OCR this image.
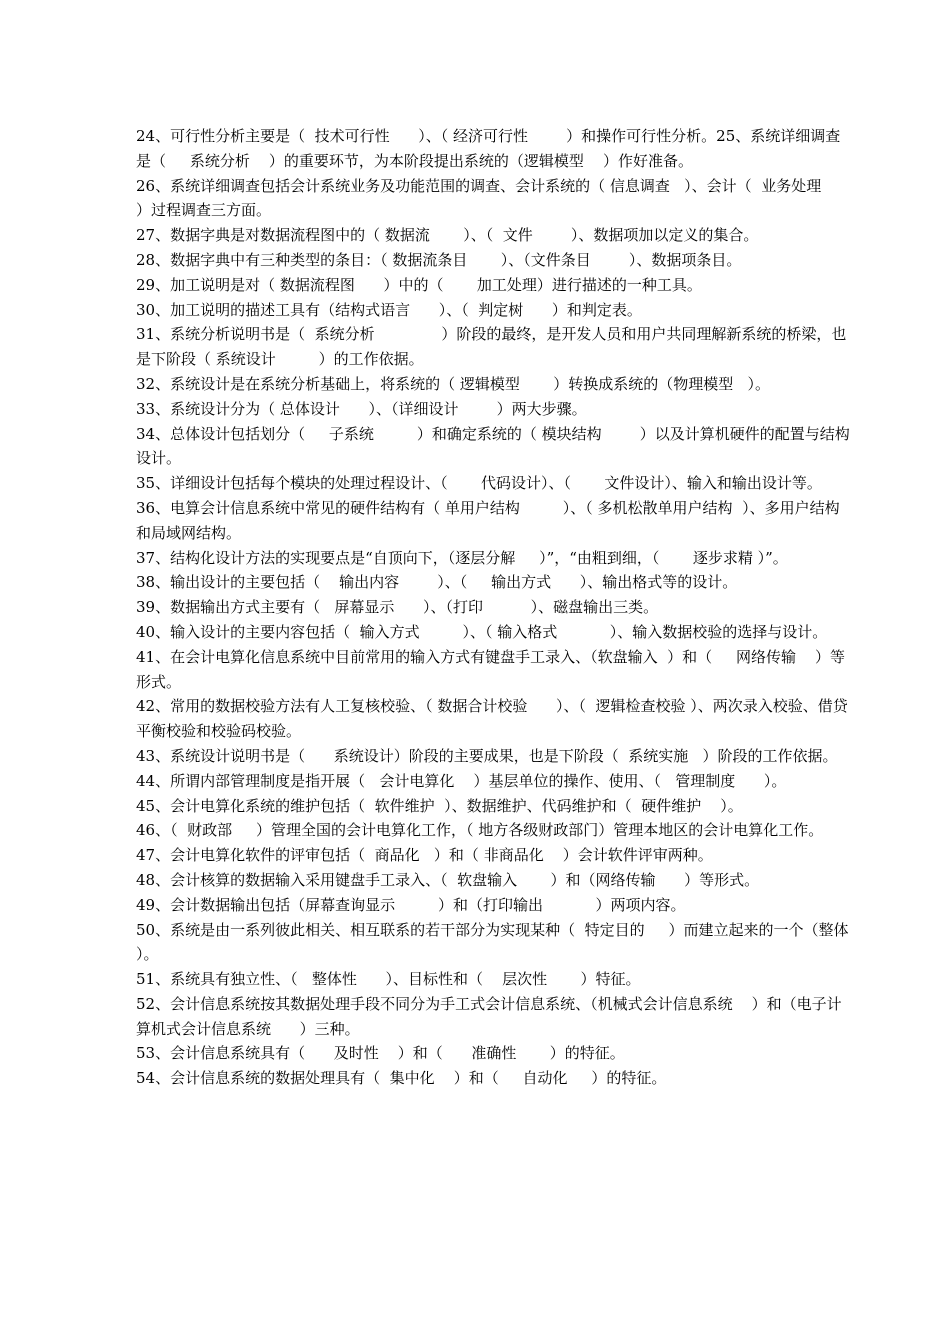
24、可行性分析主要是（  技术可行性      ）、（ 经济可行性        ）和操作可行性分析。25、系统详细调查是（     系统分析    ）的重要环节，为本阶段提出系统的（逻辑模型    ）作好准备。

26、系统详细调查包括会计系统业务及功能范围的调查、会计系统的（ 信息调查   ）、会计（  业务处理        ）过程调查三方面。

27、数据字典是对数据流程图中的（ 数据流       ）、（  文件        ）、数据项加以定义的集合。

28、数据字典中有三种类型的条目：（ 数据流条目       ）、（文件条目        ）、数据项条目。

29、加工说明是对（ 数据流程图      ）中的（       加工处理）进行描述的一种工具。

30、加工说明的描述工具有（结构式语言      ）、（  判定树      ）和判定表。

31、系统分析说明书是（  系统分析              ）阶段的最终，是开发人员和用户共同理解新系统的桥梁，也是下阶段（ 系统设计         ）的工作依据。

32、系统设计是在系统分析基础上，将系统的（ 逻辑模型       ）转换成系统的（物理模型   ）。

33、系统设计分为（ 总体设计      ）、（详细设计        ）两大步骤。

34、总体设计包括划分（     子系统         ）和确定系统的（ 模块结构        ）以及计算机硬件的配置与结构设计。

35、详细设计包括每个模块的处理过程设计、（       代码设计）、（       文件设计）、输入和输出设计等。

36、电算会计信息系统中常见的硬件结构有（ 单用户结构         ）、（ 多机松散单用户结构  ）、多用户结构和局域网结构。

37、结构化设计方法的实现要点是“自顶向下，（逐层分解     ）”，“由粗到细，（       逐步求精 ）”。

38、输出设计的主要包括（    输出内容        ）、（     输出方式      ）、输出格式等的设计。

39、数据输出方式主要有（   屏幕显示      ）、（打印          ）、磁盘输出三类。

40、输入设计的主要内容包括（  输入方式         ）、（ 输入格式           ）、输入数据校验的选择与设计。

41、在会计电算化信息系统中目前常用的输入方式有键盘手工录入、（软盘输入  ）和（     网络传输    ）等形式。

42、常用的数据校验方法有人工复核校验、（ 数据合计校验      ）、（  逻辑检查校验 ）、两次录入校验、借贷平衡校验和校验码校验。

43、系统设计说明书是（      系统设计）阶段的主要成果，也是下阶段（  系统实施   ）阶段的工作依据。

44、所谓内部管理制度是指开展（   会计电算化    ）基层单位的操作、使用、（   管理制度      ）。

45、会计电算化系统的维护包括（  软件维护  ）、数据维护、代码维护和（  硬件维护    ）。

46、（  财政部     ）管理全国的会计电算化工作，（ 地方各级财政部门）管理本地区的会计电算化工作。

47、会计电算化软件的评审包括（  商品化   ）和（ 非商品化    ）会计软件评审两种。

48、会计核算的数据输入采用键盘手工录入、（  软盘输入       ）和（网络传输      ）等形式。

49、会计数据输出包括（屏幕查询显示         ）和（打印输出           ）两项内容。

50、系统是由一系列彼此相关、相互联系的若干部分为实现某种（  特定目的     ）而建立起来的一个（整体             ）。

51、系统具有独立性、（   整体性      ）、目标性和（    层次性       ）特征。

52、会计信息系统按其数据处理手段不同分为手工式会计信息系统、（机械式会计信息系统    ）和（电子计算机式会计信息系统      ）三种。

53、会计信息系统具有（      及时性    ）和（      准确性       ）的特征。

54、会计信息系统的数据处理具有（  集中化    ）和（     自动化     ）的特征。
